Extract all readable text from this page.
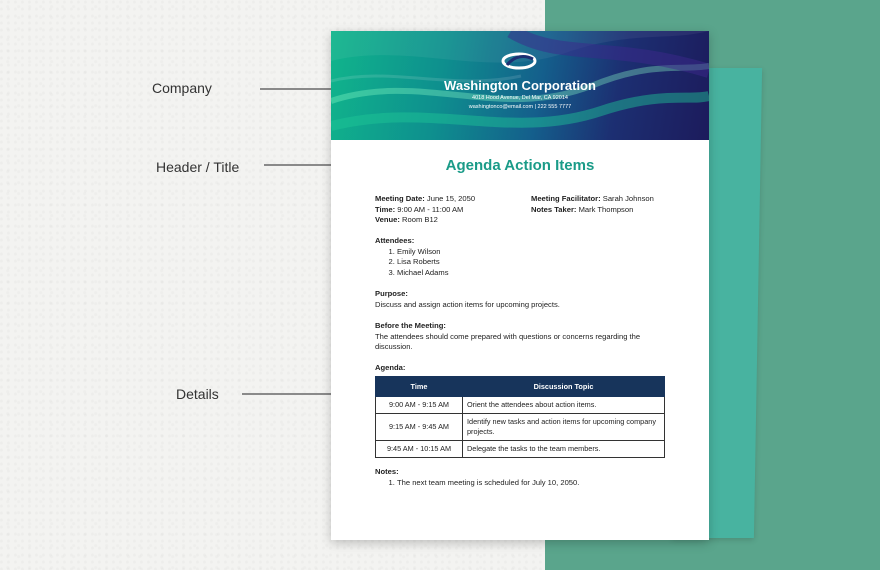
Company
Header / Title
Details
Washington Corporation
4018 Hood Avenue, Del Mar, CA 92014
washingtonco@email.com | 222 555 7777
Agenda Action Items
Meeting Date: June 15, 2050
Time: 9:00 AM - 11:00 AM
Venue: Room B12
Meeting Facilitator: Sarah Johnson
Notes Taker: Mark Thompson
Attendees:
1. Emily Wilson
2. Lisa Roberts
3. Michael Adams
Purpose:
Discuss and assign action items for upcoming projects.
Before the Meeting:
The attendees should come prepared with questions or concerns regarding the
discussion.
Agenda:
Notes:
1. The next team meeting is scheduled for July 10, 2050.
Time	Discussion Topic
9:00 AM - 9:15 AM	Orient the attendees about action items.
9:15 AM - 9:45 AM	Identify new tasks and action items for upcoming company projects.
9:45 AM - 10:15 AM	Delegate the tasks to the team members.
